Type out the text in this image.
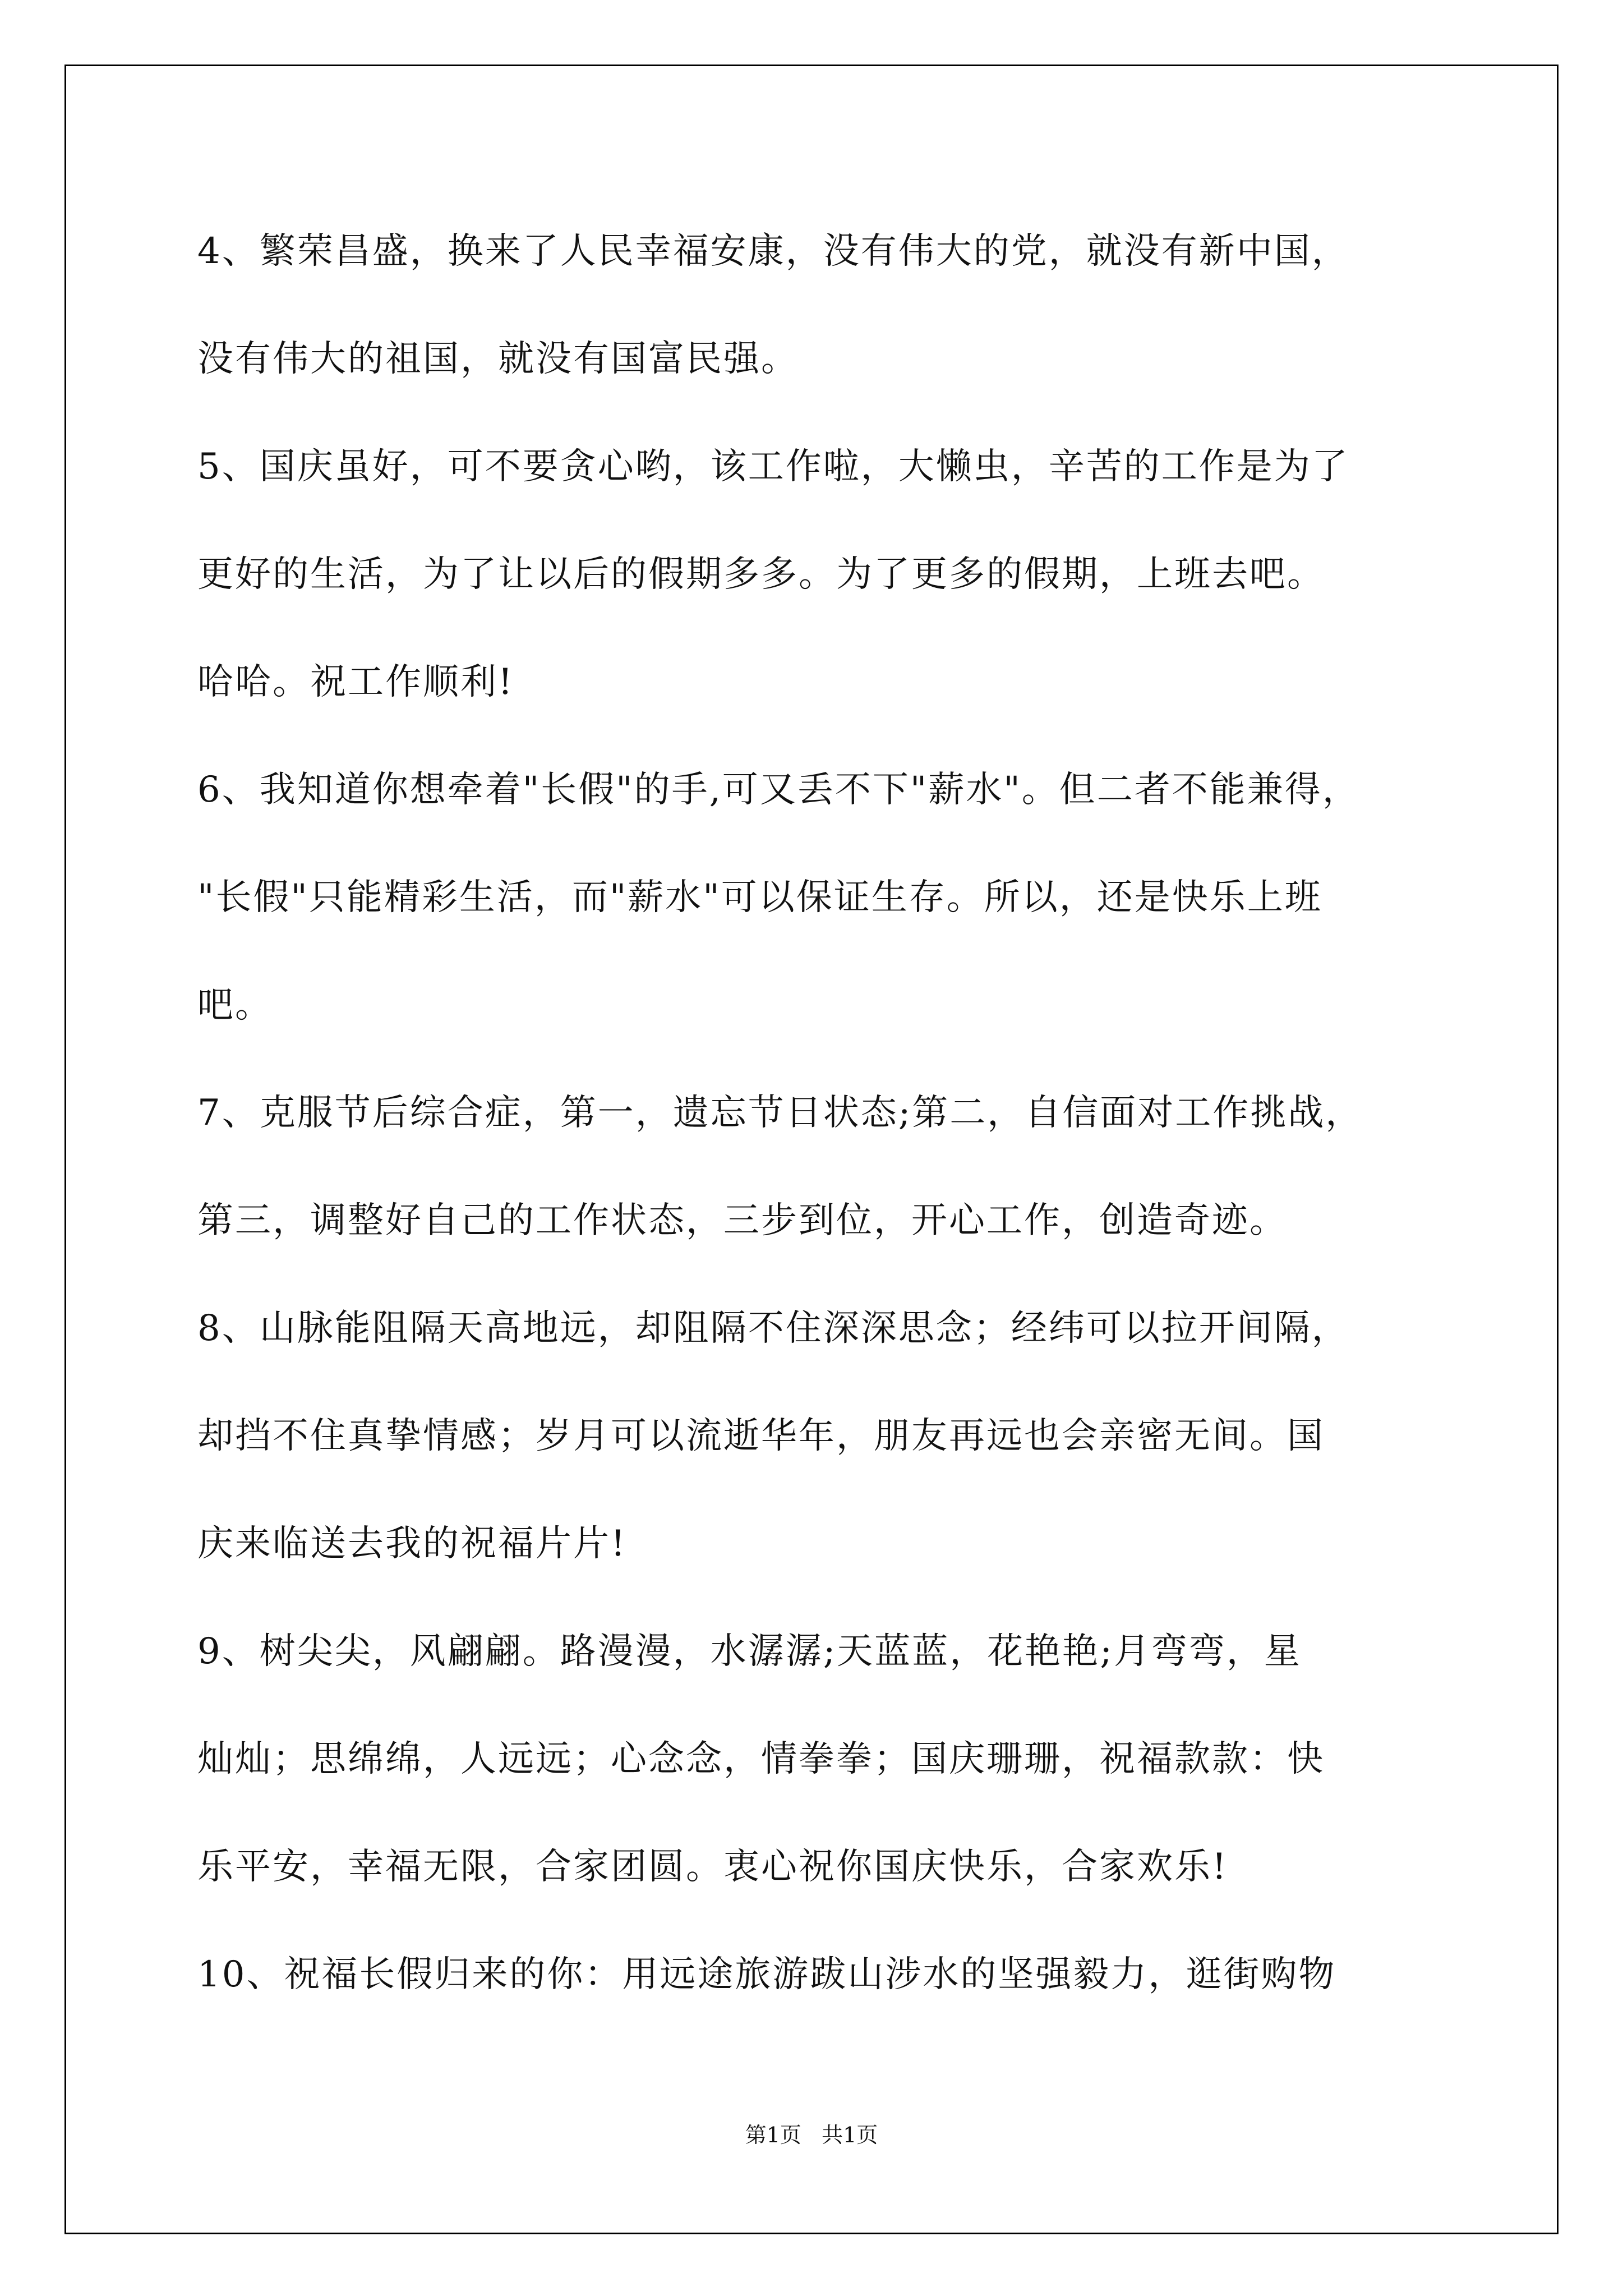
4、繁荣昌盛，换来了人民幸福安康，没有伟大的党，就没有新中国，
没有伟大的祖国，就没有国富民强。
5、国庆虽好，可不要贪心哟，该工作啦，大懒虫，辛苦的工作是为了
更好的生活，为了让以后的假期多多。为了更多的假期，上班去吧。
哈哈。祝工作顺利!
6、我知道你想牵着"长假"的手,可又丢不下"薪水"。但二者不能兼得，
"长假"只能精彩生活，而"薪水"可以保证生存。所以，还是快乐上班
吧。
7、克服节后综合症，第一，遗忘节日状态;第二，自信面对工作挑战，
第三，调整好自己的工作状态，三步到位，开心工作，创造奇迹。
8、山脉能阻隔天高地远，却阻隔不住深深思念；经纬可以拉开间隔，
却挡不住真挚情感；岁月可以流逝华年，朋友再远也会亲密无间。国
庆来临送去我的祝福片片!
9、树尖尖，风翩翩。路漫漫，水潺潺;天蓝蓝，花艳艳;月弯弯，星
灿灿；思绵绵，人远远；心念念，情拳拳；国庆珊珊，祝福款款：快
乐平安，幸福无限，合家团圆。衷心祝你国庆快乐，合家欢乐!
10、祝福长假归来的你：用远途旅游跋山涉水的坚强毅力，逛街购物
第1页   共1页
